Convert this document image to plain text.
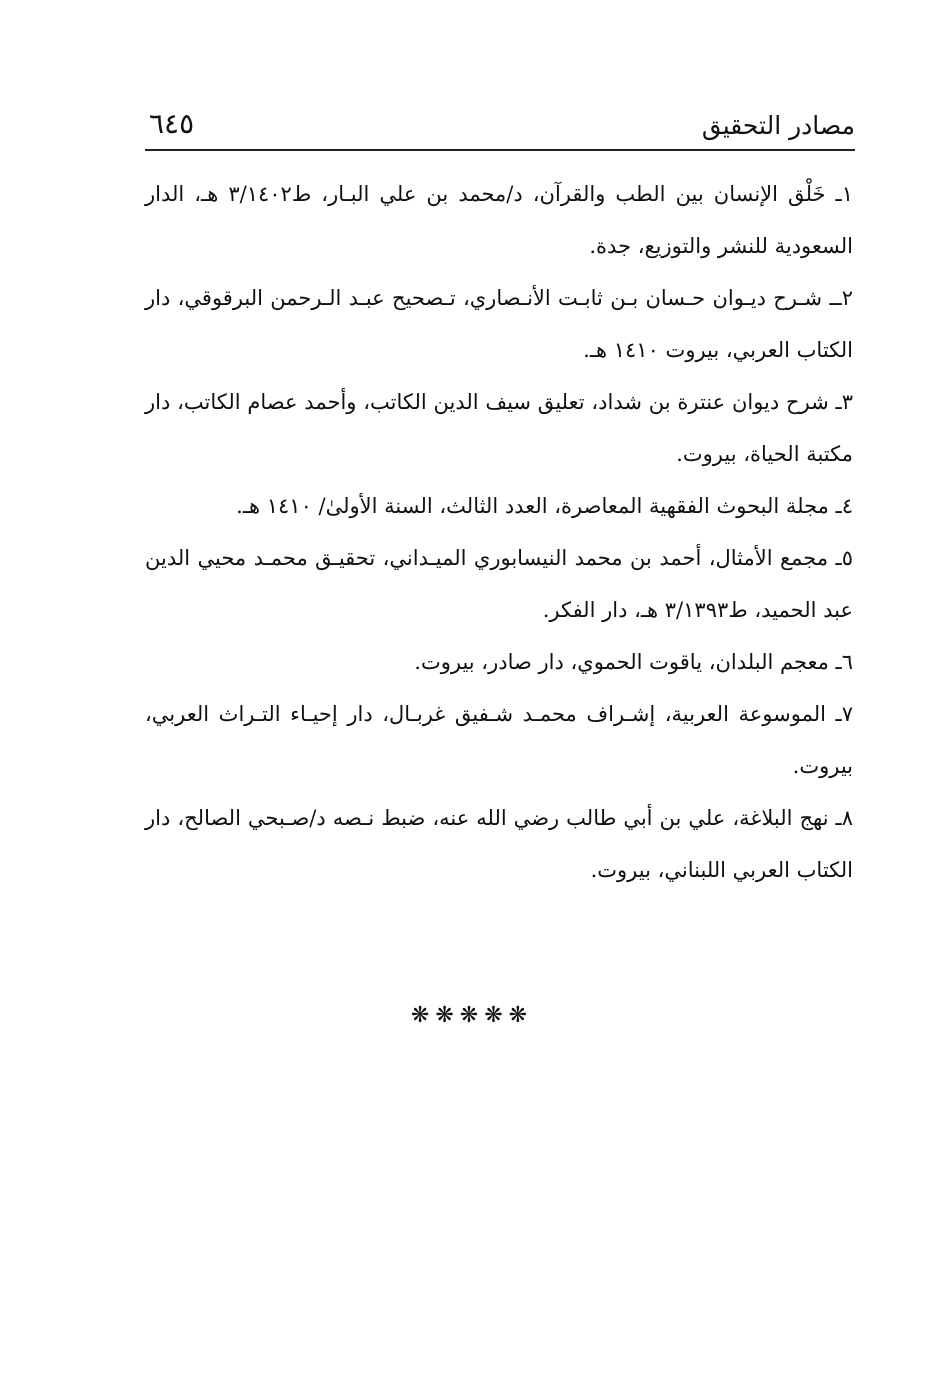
مصادر التحقيق
٦٤٥
١ـ خَلْق الإنسان بين الطب والقرآن، د/محمد بن علي البـار، ط٣/١٤٠٢ هـ، الدار السعودية للنشر والتوزيع، جدة.
٢ــ شـرح ديـوان حـسان بـن ثابـت الأنـصاري، تـصحيح عبـد الـرحمن البرقوقي، دار الكتاب العربي، بيروت ١٤١٠ هـ.
٣ـ شرح ديوان عنترة بن شداد، تعليق سيف الدين الكاتب، وأحمد عصام الكاتب، دار مكتبة الحياة، بيروت.
٤ـ مجلة البحوث الفقهية المعاصرة، العدد الثالث، السنة الأولىٰ/ ١٤١٠ هـ.
٥ـ مجمع الأمثال، أحمد بن محمد النيسابوري الميـداني، تحقيـق محمـد محيي الدين عبد الحميد، ط٣/١٣٩٣ هـ، دار الفكر.
٦ـ معجم البلدان، ياقوت الحموي، دار صادر، بيروت.
٧ـ الموسوعة العربية، إشـراف محمـد شـفيق غربـال، دار إحيـاء التـراث العربي، بيروت.
٨ـ نهج البلاغة، علي بن أبي طالب رضي الله عنه، ضبط نـصه د/صـبحي الصالح، دار الكتاب العربي اللبناني، بيروت.
❋❋❋❋❋
